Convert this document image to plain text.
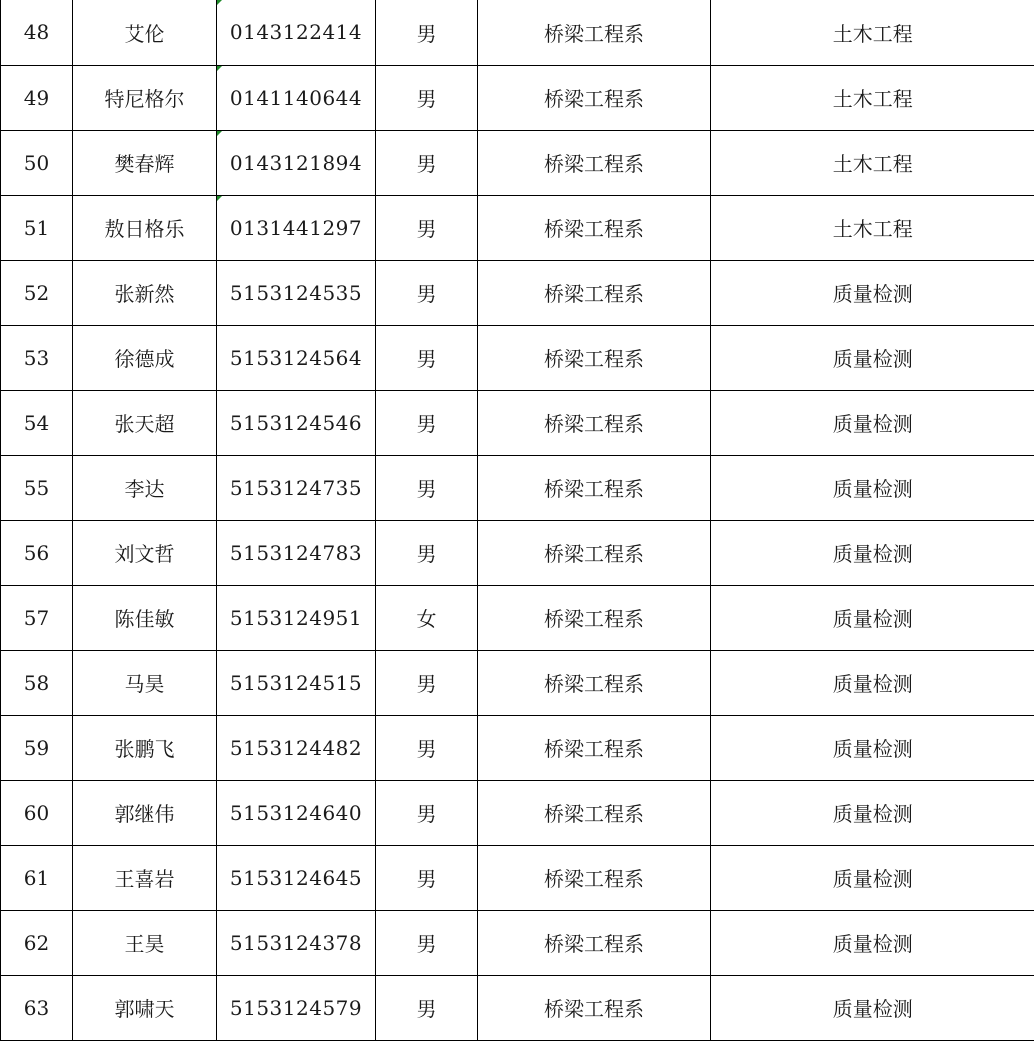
48	艾伦	0143122414	男	桥梁工程系	土木工程
49	特尼格尔	0141140644	男	桥梁工程系	土木工程
50	樊春辉	0143121894	男	桥梁工程系	土木工程
51	敖日格乐	0131441297	男	桥梁工程系	土木工程
52	张新然	5153124535	男	桥梁工程系	质量检测
53	徐德成	5153124564	男	桥梁工程系	质量检测
54	张天超	5153124546	男	桥梁工程系	质量检测
55	李达	5153124735	男	桥梁工程系	质量检测
56	刘文哲	5153124783	男	桥梁工程系	质量检测
57	陈佳敏	5153124951	女	桥梁工程系	质量检测
58	马昊	5153124515	男	桥梁工程系	质量检测
59	张鹏飞	5153124482	男	桥梁工程系	质量检测
60	郭继伟	5153124640	男	桥梁工程系	质量检测
61	王喜岩	5153124645	男	桥梁工程系	质量检测
62	王昊	5153124378	男	桥梁工程系	质量检测
63	郭啸天	5153124579	男	桥梁工程系	质量检测
